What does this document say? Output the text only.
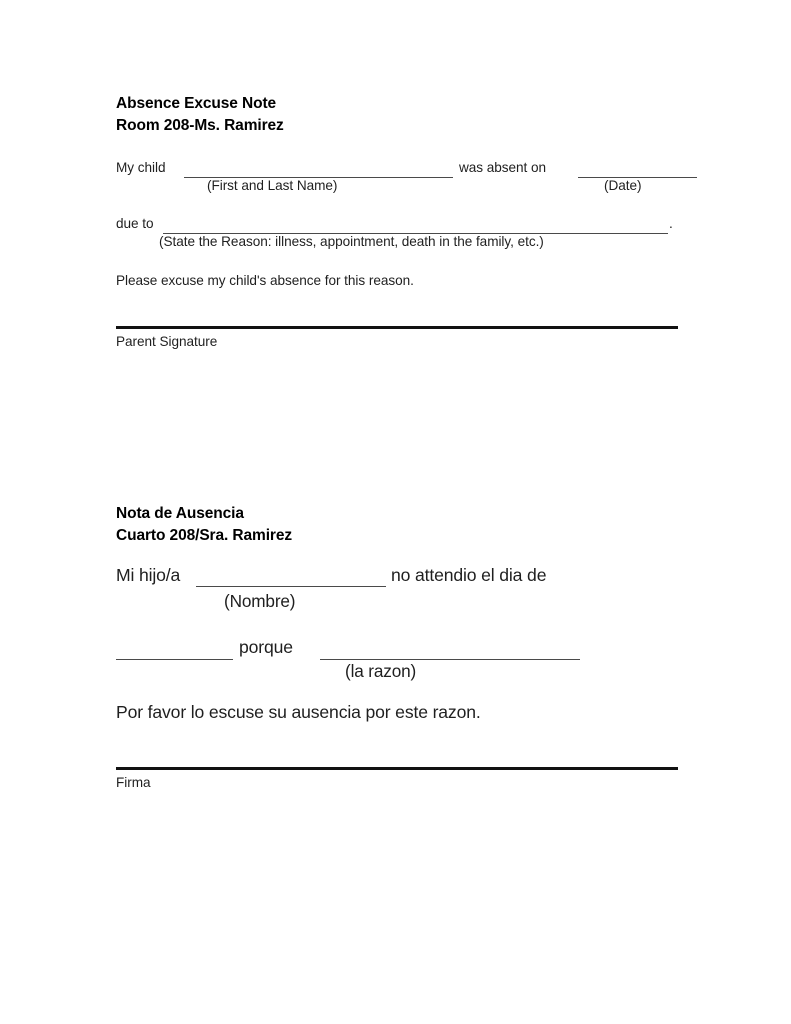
Absence Excuse Note
Room 208-Ms. Ramirez
My child	was absent on
(First and Last Name)	(Date)
due to	.
(State the Reason: illness, appointment, death in the family, etc.)
Please excuse my child's absence for this reason.
Parent Signature
Nota de Ausencia
Cuarto 208/Sra. Ramirez
Mi hijo/a	no attendio el dia de
(Nombre)
porque
(la razon)
Por favor lo escuse su ausencia por este razon.
Firma
